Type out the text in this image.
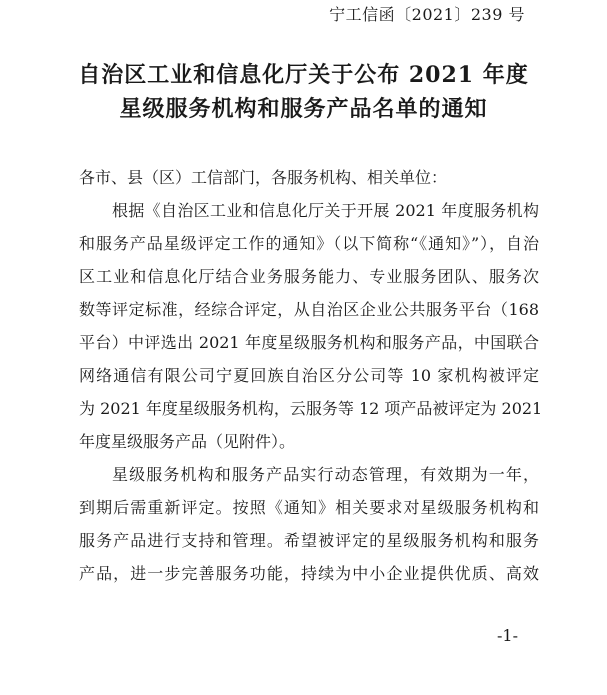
宁工信函〔2021〕239 号
自治区工业和信息化厅关于公布 2021 年度
星级服务机构和服务产品名单的通知
各市、县（区）工信部门，各服务机构、相关单位：
根据《自治区工业和信息化厅关于开展 2021 年度服务机构
和服务产品星级评定工作的通知》（以下简称“《通知》”），自治
区工业和信息化厅结合业务服务能力、专业服务团队、服务次
数等评定标准，经综合评定，从自治区企业公共服务平台（168
平台）中评选出 2021 年度星级服务机构和服务产品，中国联合
网络通信有限公司宁夏回族自治区分公司等 10 家机构被评定
为 2021 年度星级服务机构，云服务等 12 项产品被评定为 2021
年度星级服务产品（见附件）。
星级服务机构和服务产品实行动态管理，有效期为一年，
到期后需重新评定。按照《通知》相关要求对星级服务机构和
服务产品进行支持和管理。希望被评定的星级服务机构和服务
产品，进一步完善服务功能，持续为中小企业提供优质、高效
-1-
